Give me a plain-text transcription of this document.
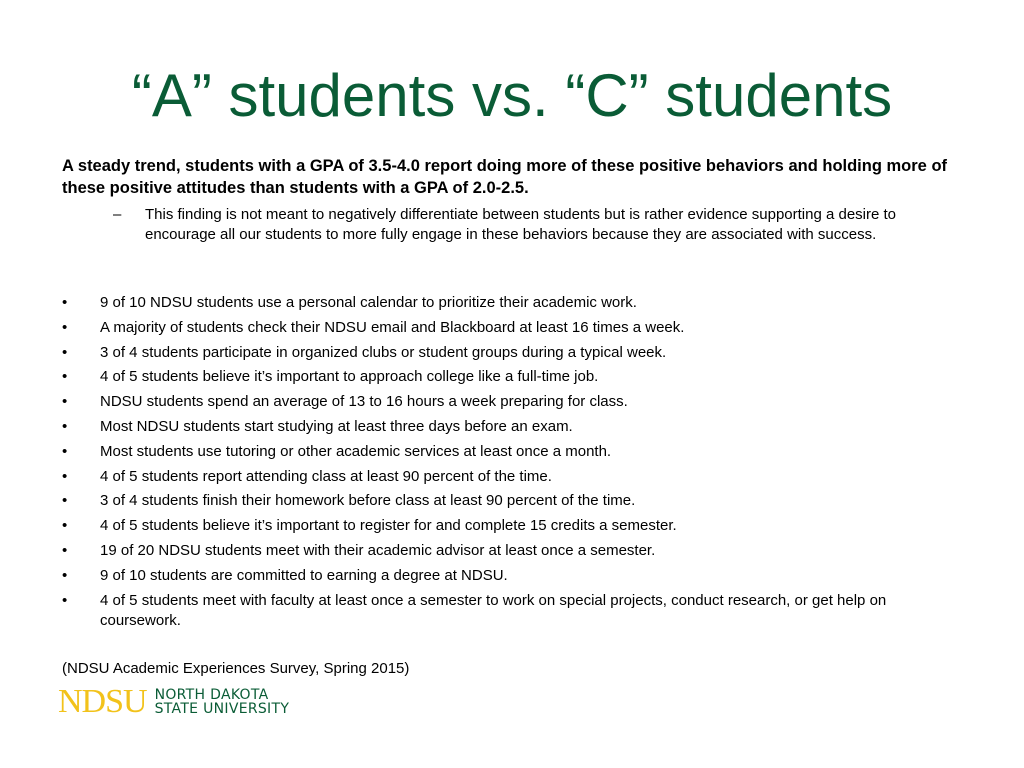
“A” students vs. “C” students
A steady trend, students with a GPA of 3.5-4.0 report doing more of these positive behaviors and holding more of these positive attitudes than students with a GPA of 2.0-2.5.
– This finding is not meant to negatively differentiate between students but is rather evidence supporting a desire to encourage all our students to more fully engage in these behaviors because they are associated with success.
•	9 of 10 NDSU students use a personal calendar to prioritize their academic work.
•	A majority of students check their NDSU email and Blackboard at least 16 times a week.
•	3 of 4 students participate in organized clubs or student groups during a typical week.
•	4 of 5 students believe it’s important to approach college like a full-time job.
•	NDSU students spend an average of 13 to 16 hours a week preparing for class.
•	Most NDSU students start studying at least three days before an exam.
•	Most students use tutoring or other academic services at least once a month.
•	4 of 5 students report attending class at least 90 percent of the time.
•	3 of 4 students finish their homework before class at least 90 percent of the time.
•	4 of 5 students believe it’s important to register for and complete 15 credits a semester.
•	19 of 20 NDSU students meet with their academic advisor at least once a semester.
•	9 of 10 students are committed to earning a degree at NDSU.
•	4 of 5 students meet with faculty at least once a semester to work on special projects, conduct research, or get help on coursework.
(NDSU Academic Experiences Survey, Spring 2015)
NDSU NORTH DAKOTA
STATE UNIVERSITY
